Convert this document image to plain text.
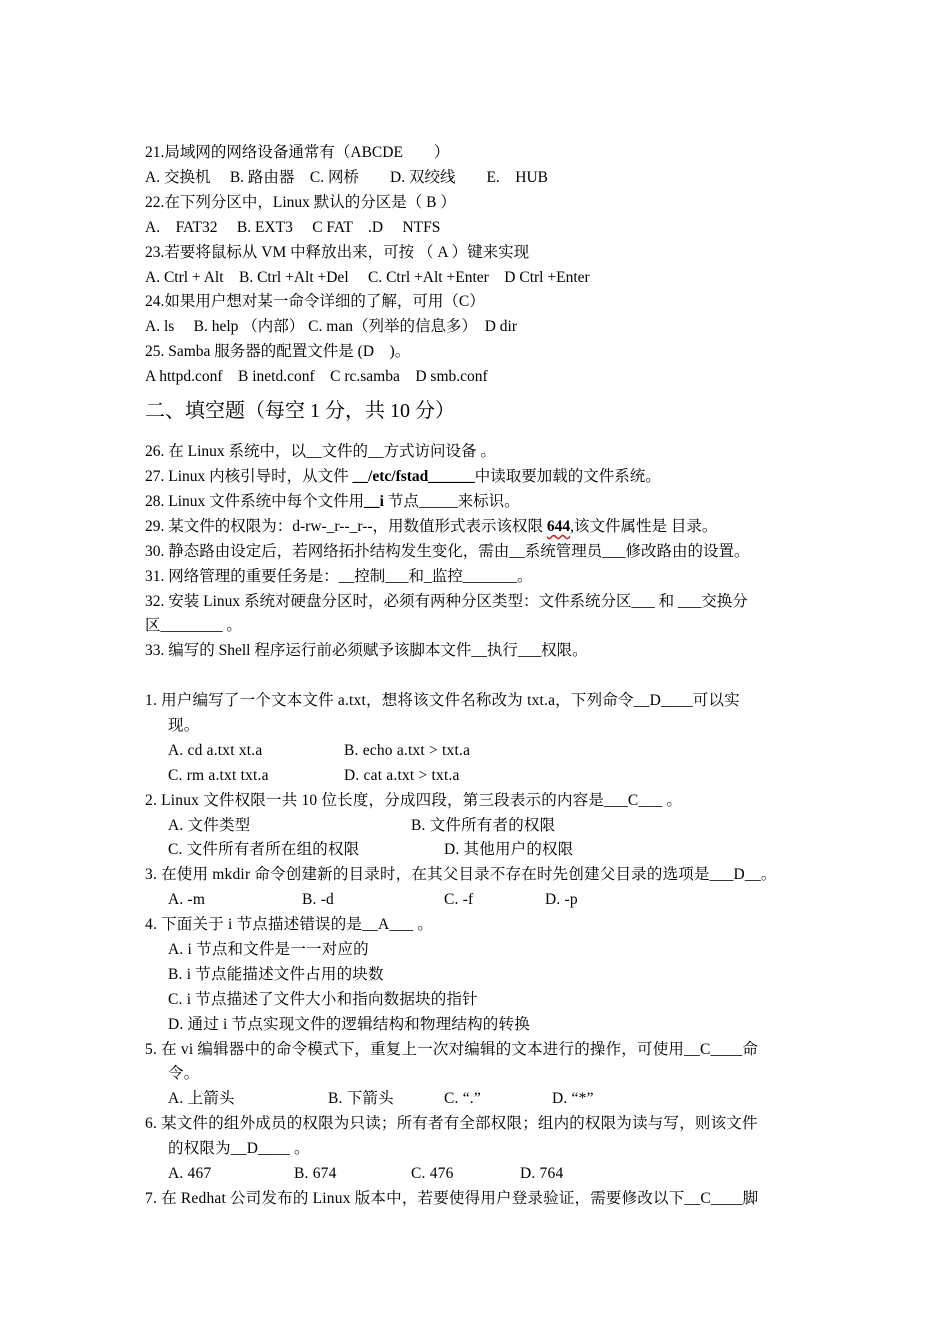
21.局域网的网络设备通常有（ABCDE　　）
A. 交换机　 B. 路由器　C. 网桥　　D. 双绞线　　E.　HUB
22.在下列分区中，Linux 默认的分区是（ B ）
A.　FAT32　 B. EXT3　 C FAT　.D　 NTFS
23.若要将鼠标从 VM 中释放出来，可按 （ A ）键来实现
A. Ctrl + Alt　B. Ctrl +Alt +Del　 C. Ctrl +Alt +Enter　D Ctrl +Enter
24.如果用户想对某一命令详细的了解，可用（C）
A. ls　 B. help （内部） C. man（列举的信息多）　D dir
25. Samba 服务器的配置文件是 (D　)。
A httpd.conf　B inetd.conf　C rc.samba　D smb.conf
二、填空题（每空 1 分，共 10 分）
26. 在 Linux 系统中，以__文件的__方式访问设备 。
27. Linux 内核引导时，从文件 __/etc/fstad______中读取要加载的文件系统。
28. Linux 文件系统中每个文件用__i 节点_____来标识。
29. 某文件的权限为：d-rw-_r--_r--，用数值形式表示该权限 644,该文件属性是 目录。
30. 静态路由设定后，若网络拓扑结构发生变化，需由__系统管理员___修改路由的设置。
31. 网络管理的重要任务是：__控制___和_监控_______。
32. 安装 Linux 系统对硬盘分区时，必须有两种分区类型：文件系统分区___ 和 ___交换分
区________ 。
33. 编写的 Shell 程序运行前必须赋予该脚本文件__执行___权限。
1. 用户编写了一个文本文件 a.txt，想将该文件名称改为 txt.a，下列命令__D____可以实
现。
A. cd a.txt xt.a	B. echo a.txt > txt.a
C. rm a.txt txt.a	D. cat a.txt > txt.a
2. Linux 文件权限一共 10 位长度，分成四段，第三段表示的内容是___C___ 。
A. 文件类型	B. 文件所有者的权限
C. 文件所有者所在组的权限	D. 其他用户的权限
3. 在使用 mkdir 命令创建新的目录时，在其父目录不存在时先创建父目录的选项是___D__。
A. -m	B. -d	C. -f	D. -p
4. 下面关于 i 节点描述错误的是__A___ 。
A. i 节点和文件是一一对应的
B. i 节点能描述文件占用的块数
C. i 节点描述了文件大小和指向数据块的指针
D. 通过 i 节点实现文件的逻辑结构和物理结构的转换
5. 在 vi 编辑器中的命令模式下，重复上一次对编辑的文本进行的操作，可使用__C____命
令。
A. 上箭头	B. 下箭头	C. “.”	D. “*”
6. 某文件的组外成员的权限为只读；所有者有全部权限；组内的权限为读与写，则该文件
的权限为__D____ 。
A. 467	B. 674	C. 476	D. 764
7. 在 Redhat 公司发布的 Linux 版本中，若要使得用户登录验证，需要修改以下__C____脚
